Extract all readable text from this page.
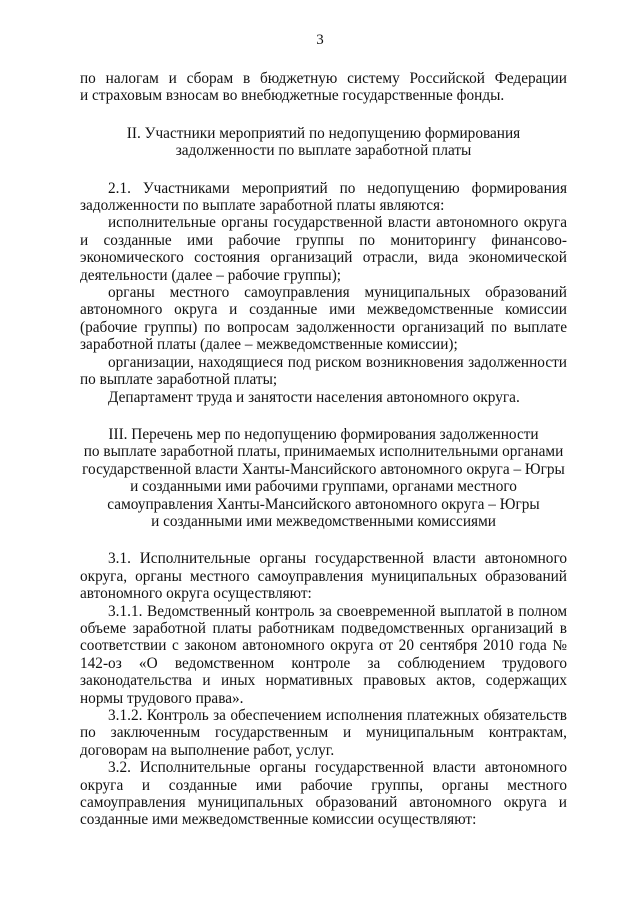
3

по налогам и сборам в бюджетную систему Российской Федерации

и страховым взносам во внебюджетные государственные фонды.

II. Участники мероприятий по недопущению формирования

задолженности по выплате заработной платы

2.1. Участниками мероприятий по недопущению формирования задолженности по выплате заработной платы являются:

исполнительные органы государственной власти автономного округа и созданные ими рабочие группы по мониторингу финансово-экономического состояния организаций отрасли, вида экономической деятельности (далее – рабочие группы);

органы местного самоуправления муниципальных образований автономного округа и созданные ими межведомственные комиссии (рабочие группы) по вопросам задолженности организаций по выплате заработной платы (далее – межведомственные комиссии);

организации, находящиеся под риском возникновения задолженности по выплате заработной платы;

Департамент труда и занятости населения автономного округа.

III. Перечень мер по недопущению формирования задолженности

по выплате заработной платы, принимаемых исполнительными органами

государственной власти Ханты-Мансийского автономного округа – Югры

и созданными ими рабочими группами, органами местного

самоуправления Ханты-Мансийского автономного округа – Югры

и созданными ими межведомственными комиссиями

3.1. Исполнительные органы государственной власти автономного округа, органы местного самоуправления муниципальных образований автономного округа осуществляют:

3.1.1. Ведомственный контроль за своевременной выплатой в полном объеме заработной платы работникам подведомственных организаций в соответствии с законом автономного округа от 20 сентября 2010 года № 142-оз «О ведомственном контроле за соблюдением трудового законодательства и иных нормативных правовых актов, содержащих нормы трудового права».

3.1.2. Контроль за обеспечением исполнения платежных обязательств по заключенным государственным и муниципальным контрактам, договорам на выполнение работ, услуг.

3.2. Исполнительные органы государственной власти автономного округа и созданные ими рабочие группы, органы местного самоуправления муниципальных образований автономного округа и созданные ими межведомственные комиссии осуществляют:
